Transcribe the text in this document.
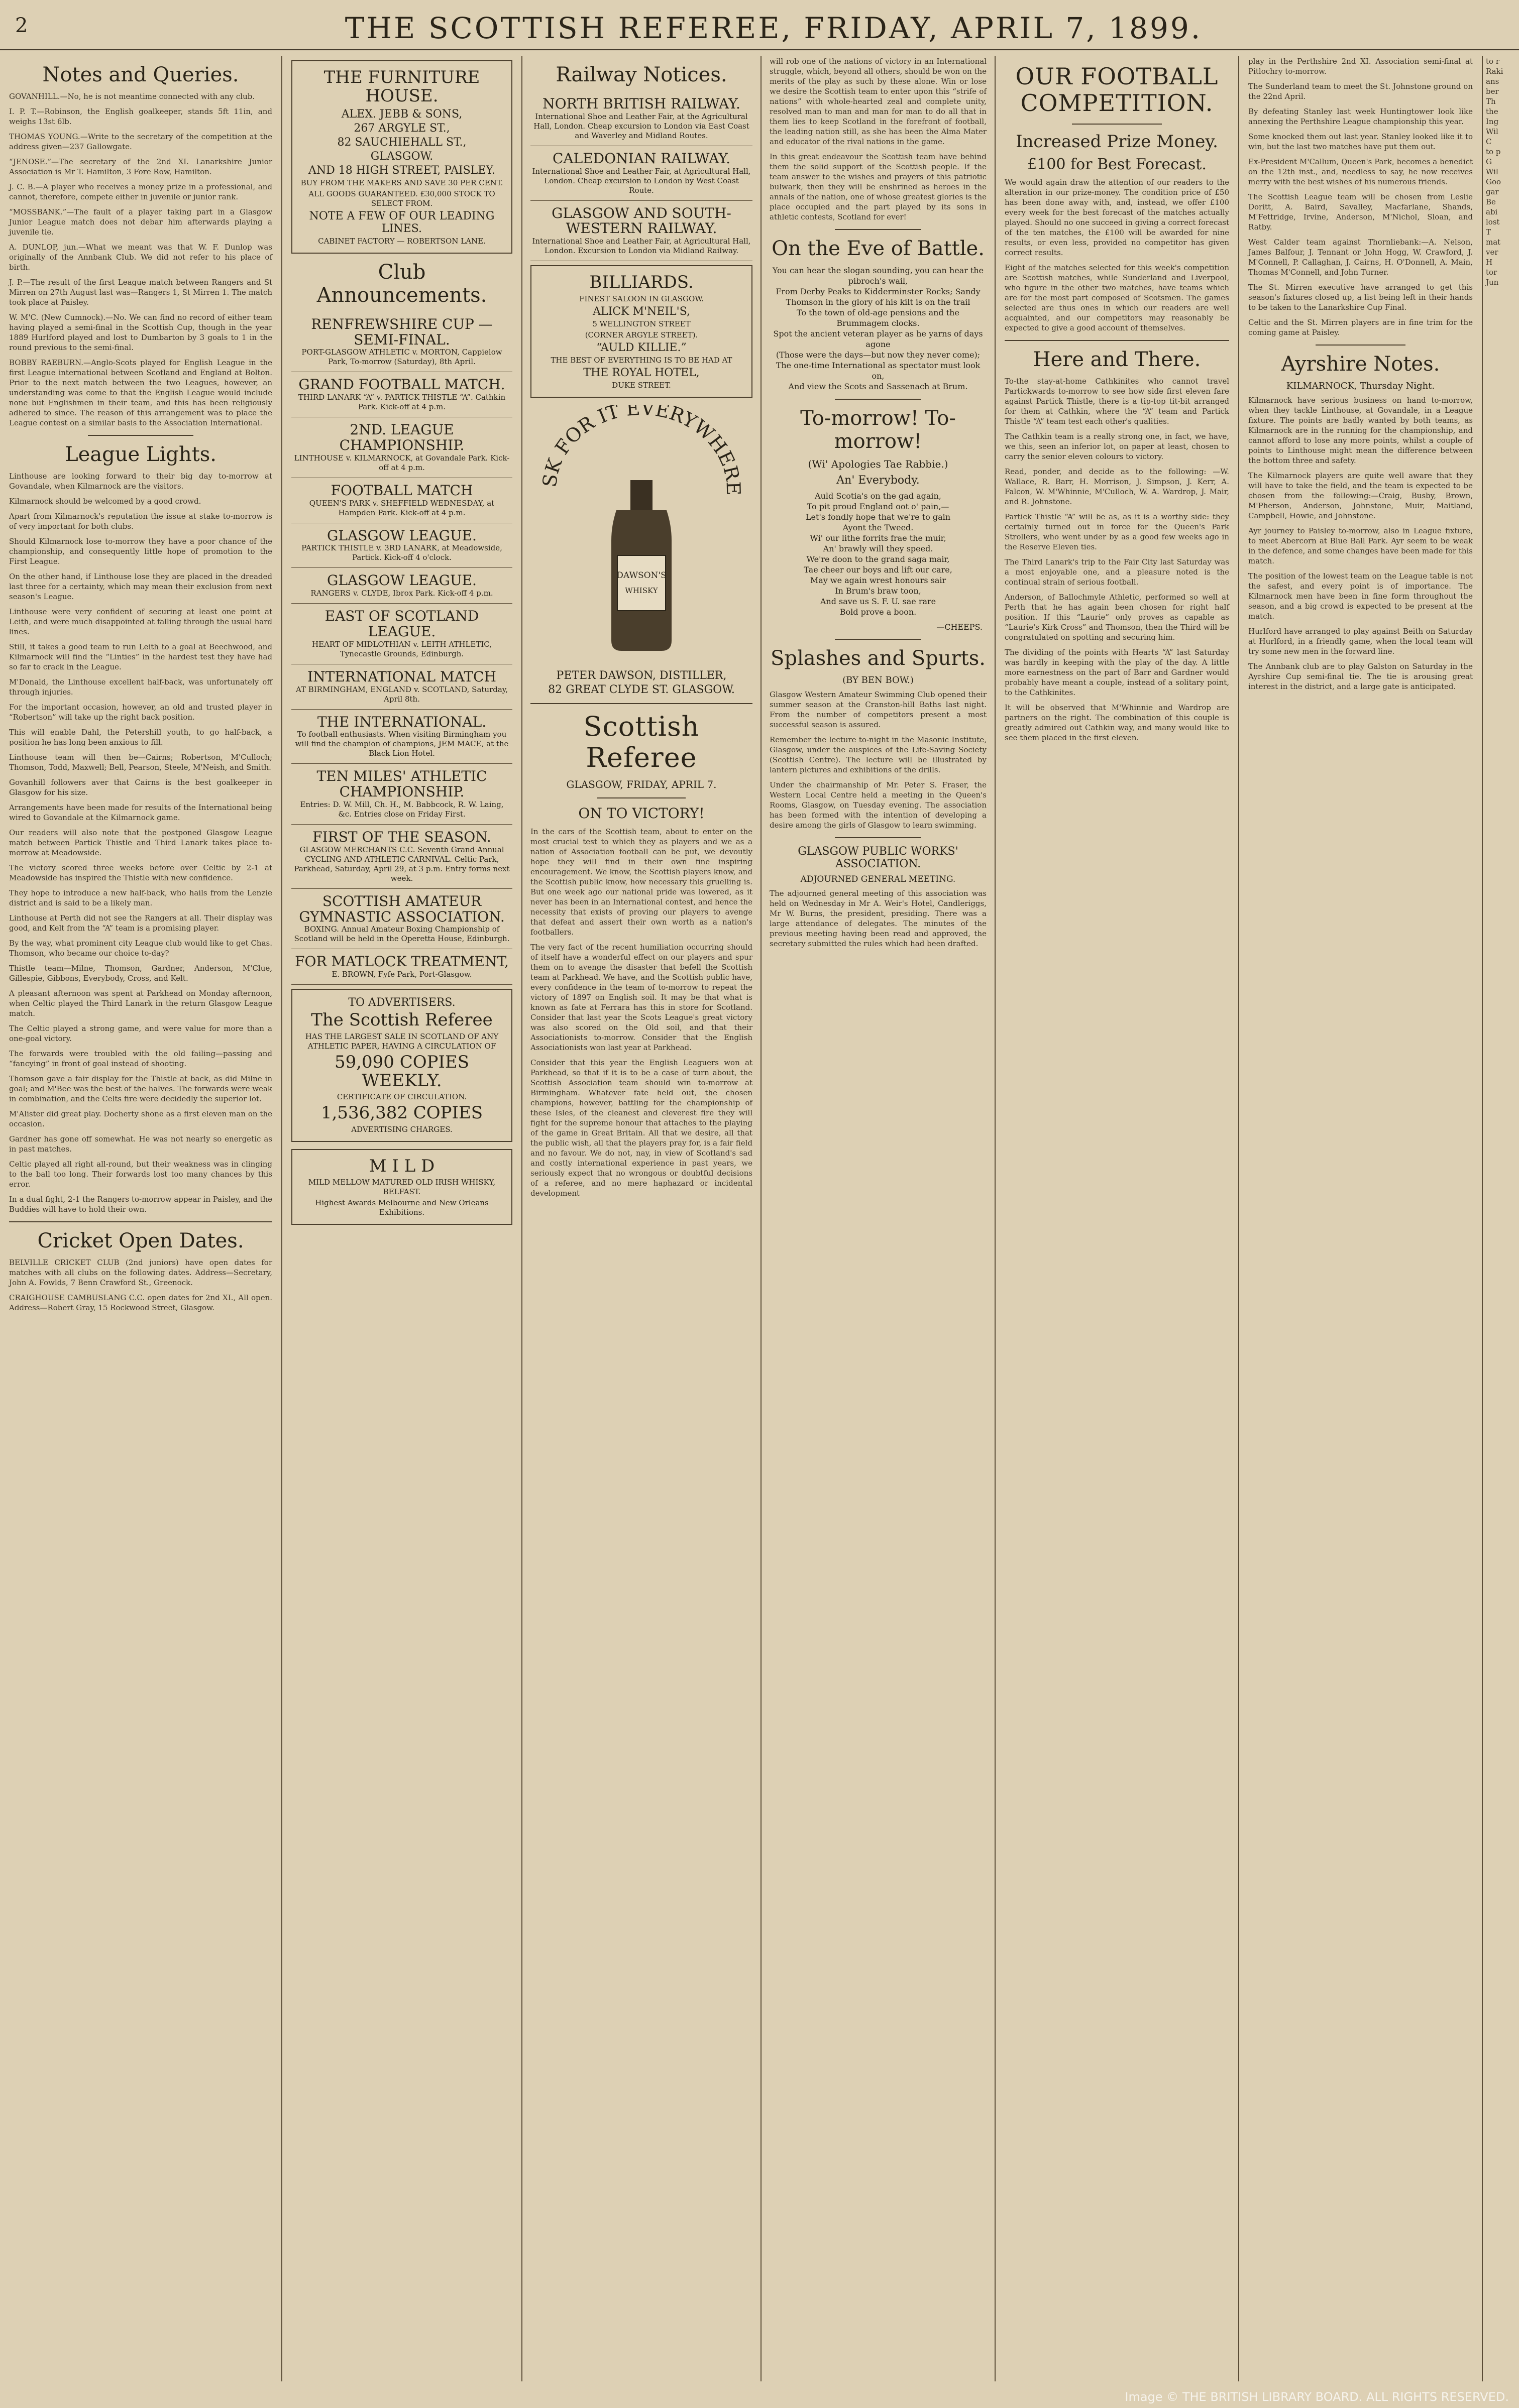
2	THE SCOTTISH REFEREE, FRIDAY, APRIL 7, 1899.
Notes and Queries.

GOVANHILL.—No, he is not meantime connected with any club.

I. P. T.—Robinson, the English goalkeeper, stands 5ft 11in, and weighs 13st 6lb.

THOMAS YOUNG.—Write to the secretary of the competition at the address given—237 Gallowgate.

“JENOSE.”—The secretary of the 2nd XI. Lanarkshire Junior Association is Mr T. Hamilton, 3 Fore Row, Hamilton.

J. C. B.—A player who receives a money prize in a professional, and cannot, therefore, compete either in juvenile or junior rank.

“MOSSBANK.”—The fault of a player taking part in a Glasgow Junior League match does not debar him afterwards playing a juvenile tie.

A. DUNLOP, jun.—What we meant was that W. F. Dunlop was originally of the Annbank Club. We did not refer to his place of birth.

J. P.—The result of the first League match between Rangers and St Mirren on 27th August last was—Rangers 1, St Mirren 1. The match took place at Paisley.

W. M'C. (New Cumnock).—No. We can find no record of either team having played a semi-final in the Scottish Cup, though in the year 1889 Hurlford played and lost to Dumbarton by 3 goals to 1 in the round previous to the semi-final.

BOBBY RAEBURN.—Anglo-Scots played for English League in the first League international between Scotland and England at Bolton. Prior to the next match between the two Leagues, however, an understanding was come to that the English League would include none but Englishmen in their team, and this has been religiously adhered to since. The reason of this arrangement was to place the League contest on a similar basis to the Association International.

League Lights.

Linthouse are looking forward to their big day to-morrow at Govandale, when Kilmarnock are the visitors.

Kilmarnock should be welcomed by a good crowd.

Apart from Kilmarnock's reputation the issue at stake to-morrow is of very important for both clubs.

Should Kilmarnock lose to-morrow they have a poor chance of the championship, and consequently little hope of promotion to the First League.

On the other hand, if Linthouse lose they are placed in the dreaded last three for a certainty, which may mean their exclusion from next season's League.

Linthouse were very confident of securing at least one point at Leith, and were much disappointed at falling through the usual hard lines.

Still, it takes a good team to run Leith to a goal at Beechwood, and Kilmarnock will find the “Linties” in the hardest test they have had so far to crack in the League.

M'Donald, the Linthouse excellent half-back, was unfortunately off through injuries.

For the important occasion, however, an old and trusted player in “Robertson” will take up the right back position.

This will enable Dahl, the Petershill youth, to go half-back, a position he has long been anxious to fill.

Linthouse team will then be—Cairns; Robertson, M'Culloch; Thomson, Todd, Maxwell; Bell, Pearson, Steele, M'Neish, and Smith.

Govanhill followers aver that Cairns is the best goalkeeper in Glasgow for his size.

Arrangements have been made for results of the International being wired to Govandale at the Kilmarnock game.

Our readers will also note that the postponed Glasgow League match between Partick Thistle and Third Lanark takes place to-morrow at Meadowside.

The victory scored three weeks before over Celtic by 2-1 at Meadowside has inspired the Thistle with new confidence.

They hope to introduce a new half-back, who hails from the Lenzie district and is said to be a likely man.

Linthouse at Perth did not see the Rangers at all. Their display was good, and Kelt from the “A” team is a promising player.

By the way, what prominent city League club would like to get Chas. Thomson, who became our choice to-day?

Thistle team—Milne, Thomson, Gardner, Anderson, M'Clue, Gillespie, Gibbons, Everybody, Cross, and Kelt.

A pleasant afternoon was spent at Parkhead on Monday afternoon, when Celtic played the Third Lanark in the return Glasgow League match.

The Celtic played a strong game, and were value for more than a one-goal victory.

The forwards were troubled with the old failing—passing and “fancying” in front of goal instead of shooting.

Thomson gave a fair display for the Thistle at back, as did Milne in goal; and M'Bee was the best of the halves. The forwards were weak in combination, and the Celts fire were decidedly the superior lot.

M'Alister did great play. Docherty shone as a first eleven man on the occasion.

Gardner has gone off somewhat. He was not nearly so energetic as in past matches.

Celtic played all right all-round, but their weakness was in clinging to the ball too long. Their forwards lost too many chances by this error.

In a dual fight, 2-1 the Rangers to-morrow appear in Paisley, and the Buddies will have to hold their own.

Cricket Open Dates.

BELVILLE CRICKET CLUB (2nd juniors) have open dates for matches with all clubs on the following dates. Address—Secretary, John A. Fowlds, 7 Benn Crawford St., Greenock.

CRAIGHOUSE CAMBUSLANG C.C. open dates for 2nd XI., All open. Address—Robert Gray, 15 Rockwood Street, Glasgow.

THE FURNITURE HOUSE.
ALEX. JEBB & SONS,
267 ARGYLE ST.,
82 SAUCHIEHALL ST.,
GLASGOW.
AND 18 HIGH STREET, PAISLEY.
BUY FROM THE MAKERS AND SAVE 30 PER CENT.
ALL GOODS GUARANTEED. £30,000 STOCK TO SELECT FROM.
NOTE A FEW OF OUR LEADING LINES.
CABINET FACTORY — ROBERTSON LANE.
Club Announcements.
RENFREWSHIRE CUP — SEMI-FINAL.
PORT-GLASGOW ATHLETIC v. MORTON, Cappielow Park, To-morrow (Saturday), 8th April.
GRAND FOOTBALL MATCH.
THIRD LANARK “A” v. PARTICK THISTLE “A”. Cathkin Park. Kick-off at 4 p.m.
2ND. LEAGUE CHAMPIONSHIP.
LINTHOUSE v. KILMARNOCK, at Govandale Park. Kick-off at 4 p.m.
FOOTBALL MATCH
QUEEN'S PARK v. SHEFFIELD WEDNESDAY, at Hampden Park. Kick-off at 4 p.m.
GLASGOW LEAGUE.
PARTICK THISTLE v. 3RD LANARK, at Meadowside, Partick. Kick-off 4 o'clock.
GLASGOW LEAGUE.
RANGERS v. CLYDE, Ibrox Park. Kick-off 4 p.m.
EAST OF SCOTLAND LEAGUE.
HEART OF MIDLOTHIAN v. LEITH ATHLETIC, Tynecastle Grounds, Edinburgh.
INTERNATIONAL MATCH
AT BIRMINGHAM, ENGLAND v. SCOTLAND, Saturday, April 8th.
THE INTERNATIONAL.
To football enthusiasts. When visiting Birmingham you will find the champion of champions, JEM MACE, at the Black Lion Hotel.
TEN MILES' ATHLETIC CHAMPIONSHIP.
Entries: D. W. Mill, Ch. H., M. Babbcock, R. W. Laing, &c. Entries close on Friday First.
FIRST OF THE SEASON.
GLASGOW MERCHANTS C.C. Seventh Grand Annual CYCLING AND ATHLETIC CARNIVAL. Celtic Park, Parkhead, Saturday, April 29, at 3 p.m. Entry forms next week.
SCOTTISH AMATEUR GYMNASTIC ASSOCIATION.
BOXING. Annual Amateur Boxing Championship of Scotland will be held in the Operetta House, Edinburgh.
FOR MATLOCK TREATMENT,
E. BROWN, Fyfe Park, Port-Glasgow.
TO ADVERTISERS.
The Scottish Referee
HAS THE LARGEST SALE IN SCOTLAND OF ANY ATHLETIC PAPER, HAVING A CIRCULATION OF
59,090 COPIES WEEKLY.
CERTIFICATE OF CIRCULATION.
1,536,382 COPIES
ADVERTISING CHARGES.
M I L D
MILD MELLOW MATURED OLD IRISH WHISKY, BELFAST.
Highest Awards Melbourne and New Orleans Exhibitions.
Railway Notices.
NORTH BRITISH RAILWAY.
International Shoe and Leather Fair, at the Agricultural Hall, London. Cheap excursion to London via East Coast and Waverley and Midland Routes.
CALEDONIAN RAILWAY.
International Shoe and Leather Fair, at Agricultural Hall, London. Cheap excursion to London by West Coast Route.
GLASGOW AND SOUTH-WESTERN RAILWAY.
International Shoe and Leather Fair, at Agricultural Hall, London. Excursion to London via Midland Railway.
BILLIARDS.
FINEST SALOON IN GLASGOW.
ALICK M'NEIL'S,
5 WELLINGTON STREET
(CORNER ARGYLE STREET).
“AULD KILLIE.”
THE BEST OF EVERYTHING IS TO BE HAD AT
THE ROYAL HOTEL,
DUKE STREET.
SK FOR IT EVERYWHERE
DAWSON'S
WHISKY
PETER DAWSON, DISTILLER,
82 GREAT CLYDE ST. GLASGOW.
Scottish Referee
GLASGOW, FRIDAY, APRIL 7.
ON TO VICTORY!

In the cars of the Scottish team, about to enter on the most crucial test to which they as players and we as a nation of Association football can be put, we devoutly hope they will find in their own fine inspiring encouragement. We know, the Scottish players know, and the Scottish public know, how necessary this gruelling is. But one week ago our national pride was lowered, as it never has been in an International contest, and hence the necessity that exists of proving our players to avenge that defeat and assert their own worth as a nation's footballers.

The very fact of the recent humiliation occurring should of itself have a wonderful effect on our players and spur them on to avenge the disaster that befell the Scottish team at Parkhead. We have, and the Scottish public have, every confidence in the team of to-morrow to repeat the victory of 1897 on English soil. It may be that what is known as fate at Ferrara has this in store for Scotland. Consider that last year the Scots League's great victory was also scored on the Old soil, and that their Associationists to-morrow. Consider that the English Associationists won last year at Parkhead.

Consider that this year the English Leaguers won at Parkhead, so that if it is to be a case of turn about, the Scottish Association team should win to-morrow at Birmingham. Whatever fate held out, the chosen champions, however, battling for the championship of these Isles, of the cleanest and cleverest fire they will fight for the supreme honour that attaches to the playing of the game in Great Britain. All that we desire, all that the public wish, all that the players pray for, is a fair field and no favour. We do not, nay, in view of Scotland's sad and costly international experience in past years, we seriously expect that no wrongous or doubtful decisions of a referee, and no mere haphazard or incidental development

will rob one of the nations of victory in an International struggle, which, beyond all others, should be won on the merits of the play as such by these alone. Win or lose we desire the Scottish team to enter upon this “strife of nations” with whole-hearted zeal and complete unity, resolved man to man and man for man to do all that in them lies to keep Scotland in the forefront of football, the leading nation still, as she has been the Alma Mater and educator of the rival nations in the game.

In this great endeavour the Scottish team have behind them the solid support of the Scottish people. If the team answer to the wishes and prayers of this patriotic bulwark, then they will be enshrined as heroes in the annals of the nation, one of whose greatest glories is the place occupied and the part played by its sons in athletic contests, Scotland for ever!

On the Eve of Battle.
You can hear the slogan sounding, you can hear the pibroch's wail,
From Derby Peaks to Kidderminster Rocks; Sandy Thomson in the glory of his kilt is on the trail
To the town of old-age pensions and the Brummagem clocks.
Spot the ancient veteran player as he yarns of days agone
(Those were the days—but now they never come);
The one-time International as spectator must look on,
And view the Scots and Sassenach at Brum.
To-morrow! To-morrow!
(Wi' Apologies Tae Rabbie.)
An' Everybody.
Auld Scotia's on the gad again,
To pit proud England oot o' pain,—
Let's fondly hope that we're to gain
Ayont the Tweed.
Wi' our lithe forrits frae the muir,
An' brawly will they speed.
We're doon to the grand saga mair,
Tae cheer our boys and lift our care,
May we again wrest honours sair
In Brum's braw toon,
And save us S. F. U. sae rare
Bold prove a boon.
—CHEEPS.
Splashes and Spurts.
(BY BEN BOW.)

Glasgow Western Amateur Swimming Club opened their summer season at the Cranston-hill Baths last night. From the number of competitors present a most successful season is assured.

Remember the lecture to-night in the Masonic Institute, Glasgow, under the auspices of the Life-Saving Society (Scottish Centre). The lecture will be illustrated by lantern pictures and exhibitions of the drills.

Under the chairmanship of Mr. Peter S. Fraser, the Western Local Centre held a meeting in the Queen's Rooms, Glasgow, on Tuesday evening. The association has been formed with the intention of developing a desire among the girls of Glasgow to learn swimming.

GLASGOW PUBLIC WORKS' ASSOCIATION.
ADJOURNED GENERAL MEETING.

The adjourned general meeting of this association was held on Wednesday in Mr A. Weir's Hotel, Candleriggs, Mr W. Burns, the president, presiding. There was a large attendance of delegates. The minutes of the previous meeting having been read and approved, the secretary submitted the rules which had been drafted.

OUR FOOTBALL COMPETITION.
Increased Prize Money.
£100 for Best Forecast.

We would again draw the attention of our readers to the alteration in our prize-money. The condition price of £50 has been done away with, and, instead, we offer £100 every week for the best forecast of the matches actually played. Should no one succeed in giving a correct forecast of the ten matches, the £100 will be awarded for nine results, or even less, provided no competitor has given correct results.

Eight of the matches selected for this week's competition are Scottish matches, while Sunderland and Liverpool, who figure in the other two matches, have teams which are for the most part composed of Scotsmen. The games selected are thus ones in which our readers are well acquainted, and our competitors may reasonably be expected to give a good account of themselves.

Here and There.

To-the stay-at-home Cathkinites who cannot travel Partickwards to-morrow to see how side first eleven fare against Partick Thistle, there is a tip-top tit-bit arranged for them at Cathkin, where the “A” team and Partick Thistle “A” team test each other's qualities.

The Cathkin team is a really strong one, in fact, we have, we this, seen an inferior lot, on paper at least, chosen to carry the senior eleven colours to victory.

Read, ponder, and decide as to the following: —W. Wallace, R. Barr, H. Morrison, J. Simpson, J. Kerr, A. Falcon, W. M'Whinnie, M'Culloch, W. A. Wardrop, J. Mair, and R. Johnstone.

Partick Thistle “A” will be as, as it is a worthy side: they certainly turned out in force for the Queen's Park Strollers, who went under by as a good few weeks ago in the Reserve Eleven ties.

The Third Lanark's trip to the Fair City last Saturday was a most enjoyable one, and a pleasure noted is the continual strain of serious football.

Anderson, of Ballochmyle Athletic, performed so well at Perth that he has again been chosen for right half position. If this “Laurie” only proves as capable as “Laurie's Kirk Cross” and Thomson, then the Third will be congratulated on spotting and securing him.

The dividing of the points with Hearts “A” last Saturday was hardly in keeping with the play of the day. A little more earnestness on the part of Barr and Gardner would probably have meant a couple, instead of a solitary point, to the Cathkinites.

It will be observed that M'Whinnie and Wardrop are partners on the right. The combination of this couple is greatly admired out Cathkin way, and many would like to see them placed in the first eleven.

play in the Perthshire 2nd XI. Association semi-final at Pitlochry to-morrow.

The Sunderland team to meet the St. Johnstone ground on the 22nd April.

By defeating Stanley last week Huntingtower look like annexing the Perthshire League championship this year.

Some knocked them out last year. Stanley looked like it to win, but the last two matches have put them out.

Ex-President M'Callum, Queen's Park, becomes a benedict on the 12th inst., and, needless to say, he now receives merry with the best wishes of his numerous friends.

The Scottish League team will be chosen from Leslie Doritt, A. Baird, Savalley, Macfarlane, Shands, M'Fettridge, Irvine, Anderson, M'Nichol, Sloan, and Ratby.

West Calder team against Thornliebank:—A. Nelson, James Balfour, J. Tennant or John Hogg, W. Crawford, J. M'Connell, P. Callaghan, J. Cairns, H. O'Donnell, A. Main, Thomas M'Connell, and John Turner.

The St. Mirren executive have arranged to get this season's fixtures closed up, a list being left in their hands to be taken to the Lanarkshire Cup Final.

Celtic and the St. Mirren players are in fine trim for the coming game at Paisley.

Ayrshire Notes.
KILMARNOCK, Thursday Night.

Kilmarnock have serious business on hand to-morrow, when they tackle Linthouse, at Govandale, in a League fixture. The points are badly wanted by both teams, as Kilmarnock are in the running for the championship, and cannot afford to lose any more points, whilst a couple of points to Linthouse might mean the difference between the bottom three and safety.

The Kilmarnock players are quite well aware that they will have to take the field, and the team is expected to be chosen from the following:—Craig, Busby, Brown, M'Pherson, Anderson, Johnstone, Muir, Maitland, Campbell, Howie, and Johnstone.

Ayr journey to Paisley to-morrow, also in League fixture, to meet Abercorn at Blue Ball Park. Ayr seem to be weak in the defence, and some changes have been made for this match.

The position of the lowest team on the League table is not the safest, and every point is of importance. The Kilmarnock men have been in fine form throughout the season, and a big crowd is expected to be present at the match.

Hurlford have arranged to play against Beith on Saturday at Hurlford, in a friendly game, when the local team will try some new men in the forward line.

The Annbank club are to play Galston on Saturday in the Ayrshire Cup semi-final tie. The tie is arousing great interest in the district, and a large gate is anticipated.

to r
Raki
ans
ber
Th
the
Ing
Wil
C
to p
G
Wil
Goo
gar
Be
abi
lost
T
mat
ver
H
tor
Jun
Image © THE BRITISH LIBRARY BOARD. ALL RIGHTS RESERVED.
